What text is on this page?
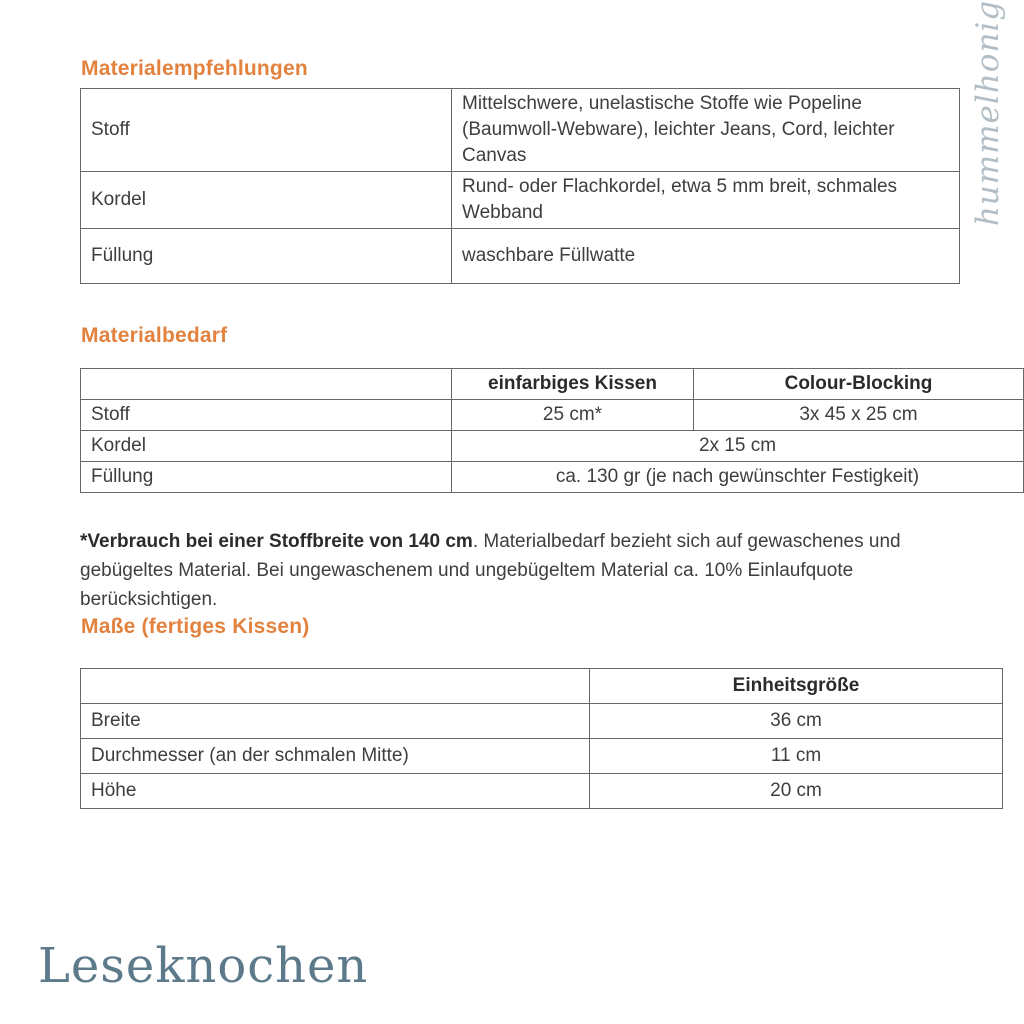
Materialempfehlungen
Stoff	Mittelschwere, unelastische Stoffe wie Popeline (Baumwoll-Webware), leichter Jeans, Cord, leichter Canvas
Kordel	Rund- oder Flachkordel, etwa 5 mm breit, schmales Webband
Füllung	waschbare Füllwatte
Materialbedarf
	einfarbiges Kissen	Colour-Blocking
Stoff	25 cm*	3x 45 x 25 cm
Kordel	2x 15 cm	
Füllung	ca. 130 gr (je nach gewünschter Festigkeit)	

*Verbrauch bei einer Stoffbreite von 140 cm. Materialbedarf bezieht sich auf gewaschenes und gebügeltes Material. Bei ungewaschenem und ungebügeltem Material ca. 10% Einlaufquote berücksichtigen.

Maße (fertiges Kissen)
	Einheitsgröße
Breite	36 cm
Durchmesser (an der schmalen Mitte)	11 cm
Höhe	20 cm
Leseknochen
hummelhonig
